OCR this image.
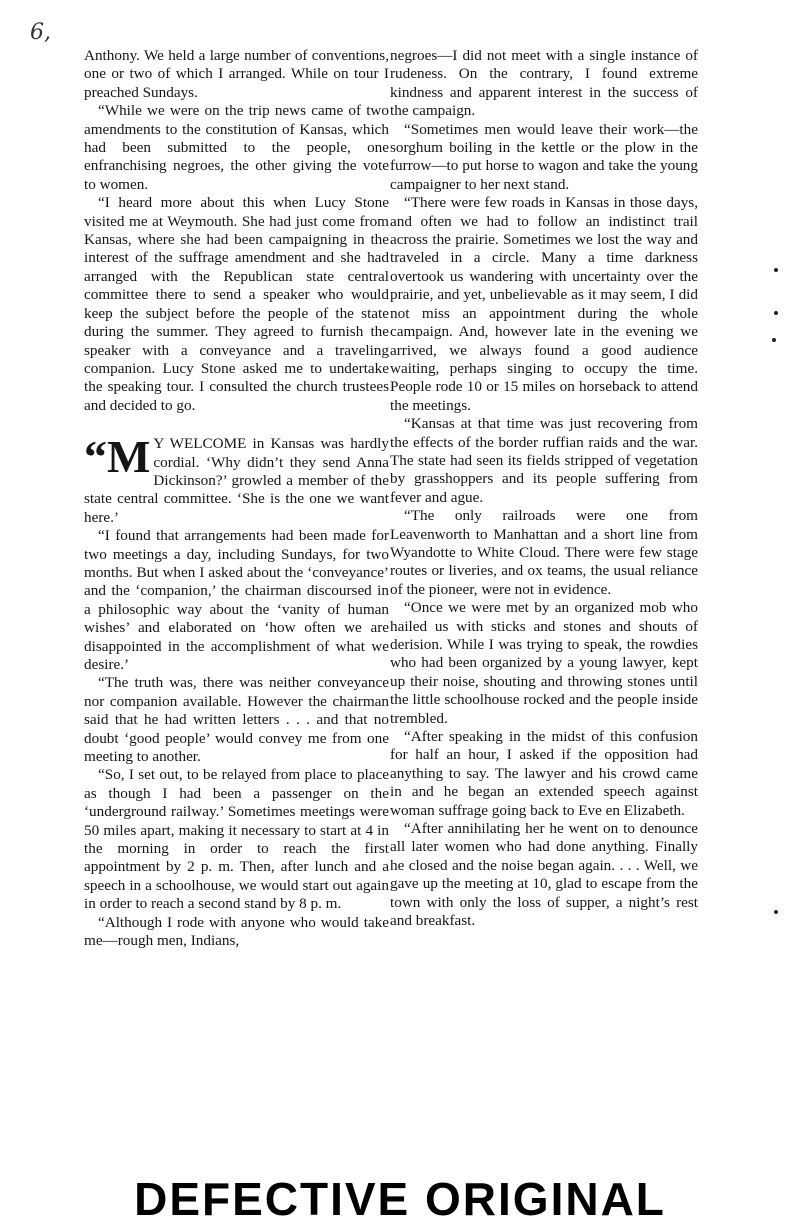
6,

Anthony. We held a large number of conventions, one or two of which I arranged. While on tour I preached Sundays.

“While we were on the trip news came of two amendments to the constitution of Kansas, which had been submitted to the people, one enfranchising negroes, the other giving the vote to women.

“I heard more about this when Lucy Stone visited me at Weymouth. She had just come from Kansas, where she had been campaigning in the interest of the suffrage amendment and she had arranged with the Republican state central committee there to send a speaker who would keep the subject before the people of the state during the summer. They agreed to furnish the speaker with a conveyance and a traveling companion. Lucy Stone asked me to undertake the speaking tour. I consulted the church trustees and decided to go.

“M Y WELCOME in Kansas was hardly cordial. ‘Why didn’t they send Anna Dickinson?’ growled a member of the state central committee. ‘She is the one we want here.’

“I found that arrangements had been made for two meetings a day, including Sundays, for two months. But when I asked about the ‘conveyance’ and the ‘companion,’ the chairman discoursed in a philosophic way about the ‘vanity of human wishes’ and elaborated on ‘how often we are disappointed in the accomplishment of what we desire.’

“The truth was, there was neither conveyance nor companion available. However the chairman said that he had written letters . . . and that no doubt ‘good people’ would convey me from one meeting to another.

“So, I set out, to be relayed from place to place as though I had been a passenger on the ‘underground railway.’ Sometimes meetings were 50 miles apart, making it necessary to start at 4 in the morning in order to reach the first appointment by 2 p. m. Then, after lunch and a speech in a schoolhouse, we would start out again in order to reach a second stand by 8 p. m.

“Although I rode with anyone who would take me—rough men, Indians,

negroes—I did not meet with a single instance of rudeness. On the contrary, I found extreme kindness and apparent interest in the success of the campaign.

“Sometimes men would leave their work—the sorghum boiling in the kettle or the plow in the furrow—to put horse to wagon and take the young campaigner to her next stand.

“There were few roads in Kansas in those days, and often we had to follow an indistinct trail across the prairie. Sometimes we lost the way and traveled in a circle. Many a time darkness overtook us wandering with uncertainty over the prairie, and yet, unbelievable as it may seem, I did not miss an appointment during the whole campaign. And, however late in the evening we arrived, we always found a good audience waiting, perhaps singing to occupy the time. People rode 10 or 15 miles on horseback to attend the meetings.

“Kansas at that time was just recovering from the effects of the border ruffian raids and the war. The state had seen its fields stripped of vegetation by grasshoppers and its people suffering from fever and ague.

“The only railroads were one from Leavenworth to Manhattan and a short line from Wyandotte to White Cloud. There were few stage routes or liveries, and ox teams, the usual reliance of the pioneer, were not in evidence.

“Once we were met by an organized mob who hailed us with sticks and stones and shouts of derision. While I was trying to speak, the rowdies who had been organized by a young lawyer, kept up their noise, shouting and throwing stones until the little schoolhouse rocked and the people inside trembled.

“After speaking in the midst of this confusion for half an hour, I asked if the opposition had anything to say. The lawyer and his crowd came in and he began an extended speech against woman suffrage going back to Eve en Elizabeth.

“After annihilating her he went on to denounce all later women who had done anything. Finally he closed and the noise began again. . . . Well, we gave up the meeting at 10, glad to escape from the town with only the loss of supper, a night’s rest and breakfast.

DEFECTIVE ORIGINAL
